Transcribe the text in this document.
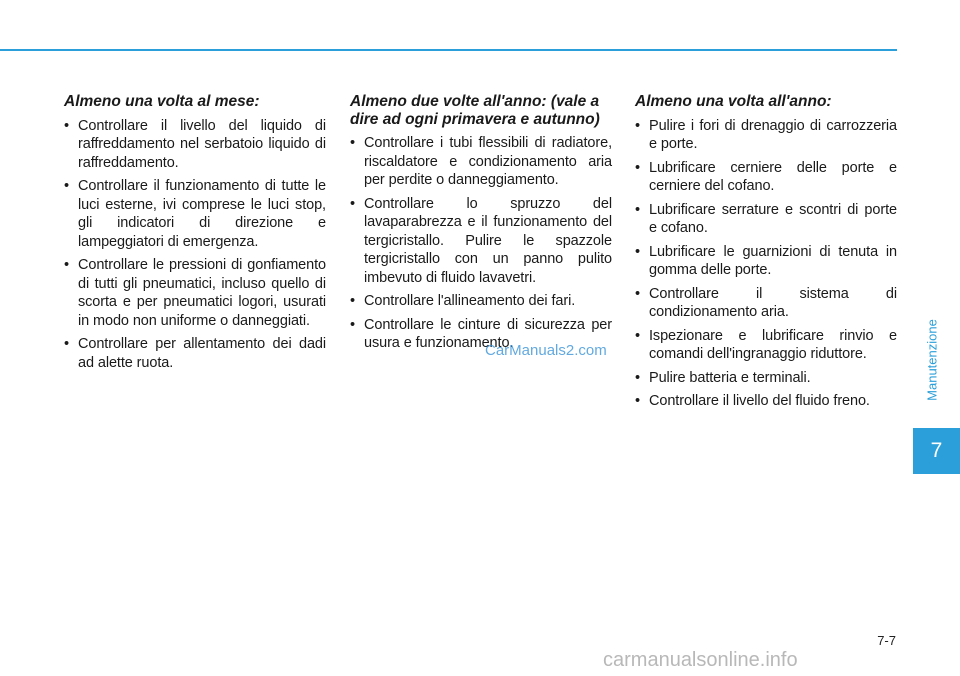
Almeno una volta al mese:
• Controllare il livello del liquido di raffreddamento nel serbatoio liquido di raffreddamento.
• Controllare il funzionamento di tutte le luci esterne, ivi comprese le luci stop, gli indicatori di direzione e lampeggiatori di emergenza.
• Controllare le pressioni di gonfiamento di tutti gli pneumatici, incluso quello di scorta e per pneumatici logori, usurati in modo non uniforme o danneggiati.
• Controllare per allentamento dei dadi ad alette ruota.
Almeno due volte all'anno: (vale a dire ad ogni primavera e autunno)
• Controllare i tubi flessibili di radiatore, riscaldatore e condizionamento aria per perdite o danneggiamento.
• Controllare lo spruzzo del lavaparabrezza e il funzionamento del tergicristallo. Pulire le spazzole tergicristallo con un panno pulito imbevuto di fluido lavavetri.
• Controllare l'allineamento dei fari.
• Controllare le cinture di sicurezza per usura e funzionamento.
Almeno una volta all'anno:
• Pulire i fori di drenaggio di carrozzeria e porte.
• Lubrificare cerniere delle porte e cerniere del cofano.
• Lubrificare serrature e scontri di porte e cofano.
• Lubrificare le guarnizioni di tenuta in gomma delle porte.
• Controllare il sistema di condizionamento aria.
• Ispezionare e lubrificare rinvio e comandi dell'ingranaggio riduttore.
• Pulire batteria e terminali.
• Controllare il livello del fluido freno.
Manutenzione
7
7-7
CarManuals2.com
carmanualsonline.info
